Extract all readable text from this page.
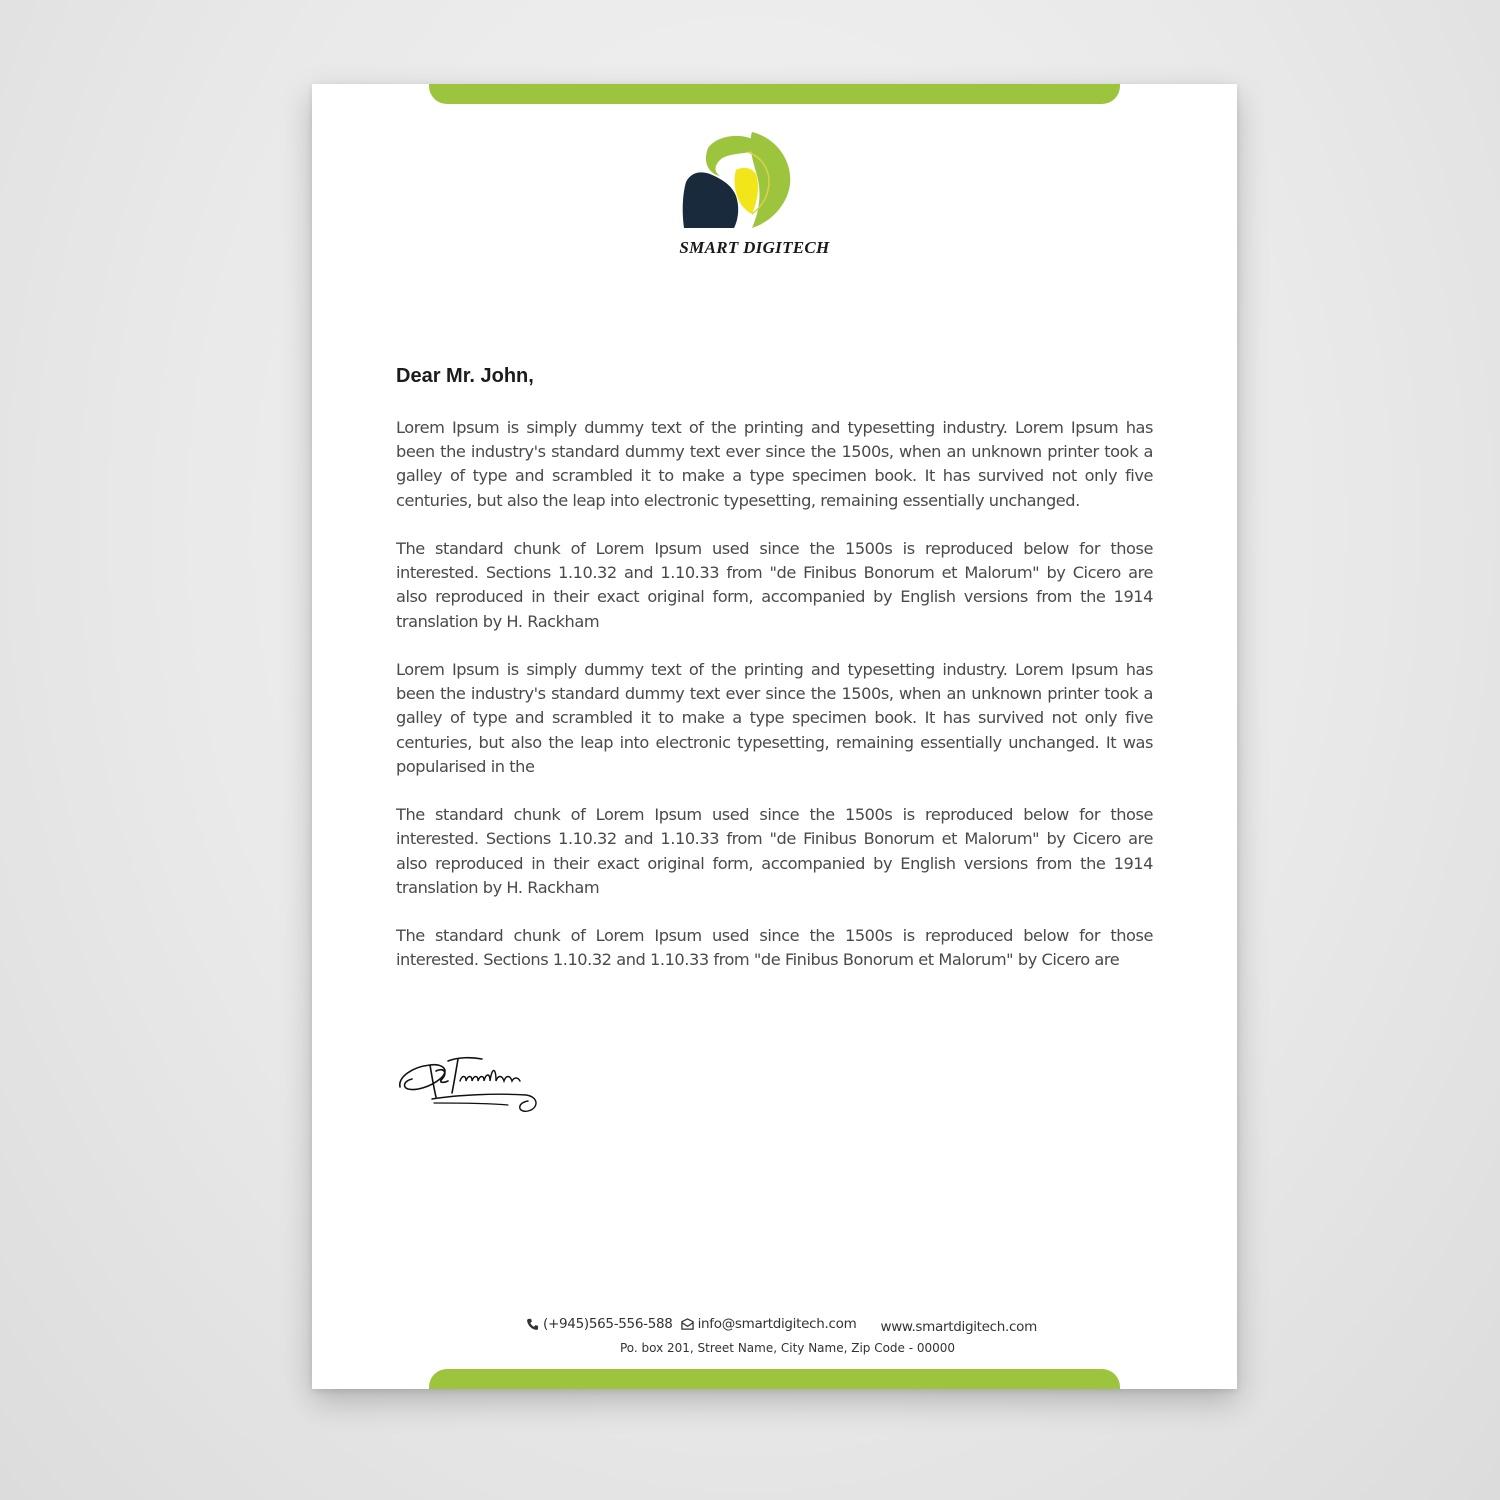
SMART DIGITECH
Dear Mr. John,

Lorem Ipsum is simply dummy text of the printing and typesetting industry. Lorem Ipsum has been the industry's standard dummy text ever since the 1500s, when an unknown printer took a galley of type and scrambled it to make a type specimen book. It has survived not only five centuries, but also the leap into electronic typesetting, remaining essentially unchanged.

The standard chunk of Lorem Ipsum used since the 1500s is reproduced below for those interested. Sections 1.10.32 and 1.10.33 from "de Finibus Bonorum et Malorum" by Cicero are also reproduced in their exact original form, accompanied by English versions from the 1914 translation by H. Rackham

Lorem Ipsum is simply dummy text of the printing and typesetting industry. Lorem Ipsum has been the industry's standard dummy text ever since the 1500s, when an unknown printer took a galley of type and scrambled it to make a type specimen book. It has survived not only five centuries, but also the leap into electronic typesetting, remaining essentially unchanged. It was popularised in the

The standard chunk of Lorem Ipsum used since the 1500s is reproduced below for those interested. Sections 1.10.32 and 1.10.33 from "de Finibus Bonorum et Malorum" by Cicero are also reproduced in their exact original form, accompanied by English versions from the 1914 translation by H. Rackham

The standard chunk of Lorem Ipsum used since the 1500s is reproduced below for those interested. Sections 1.10.32 and 1.10.33 from "de Finibus Bonorum et Malorum" by Cicero are

(+945)565-556-588
info@smartdigitech.com www.smartdigitech.com
Po. box 201, Street Name, City Name, Zip Code - 00000
